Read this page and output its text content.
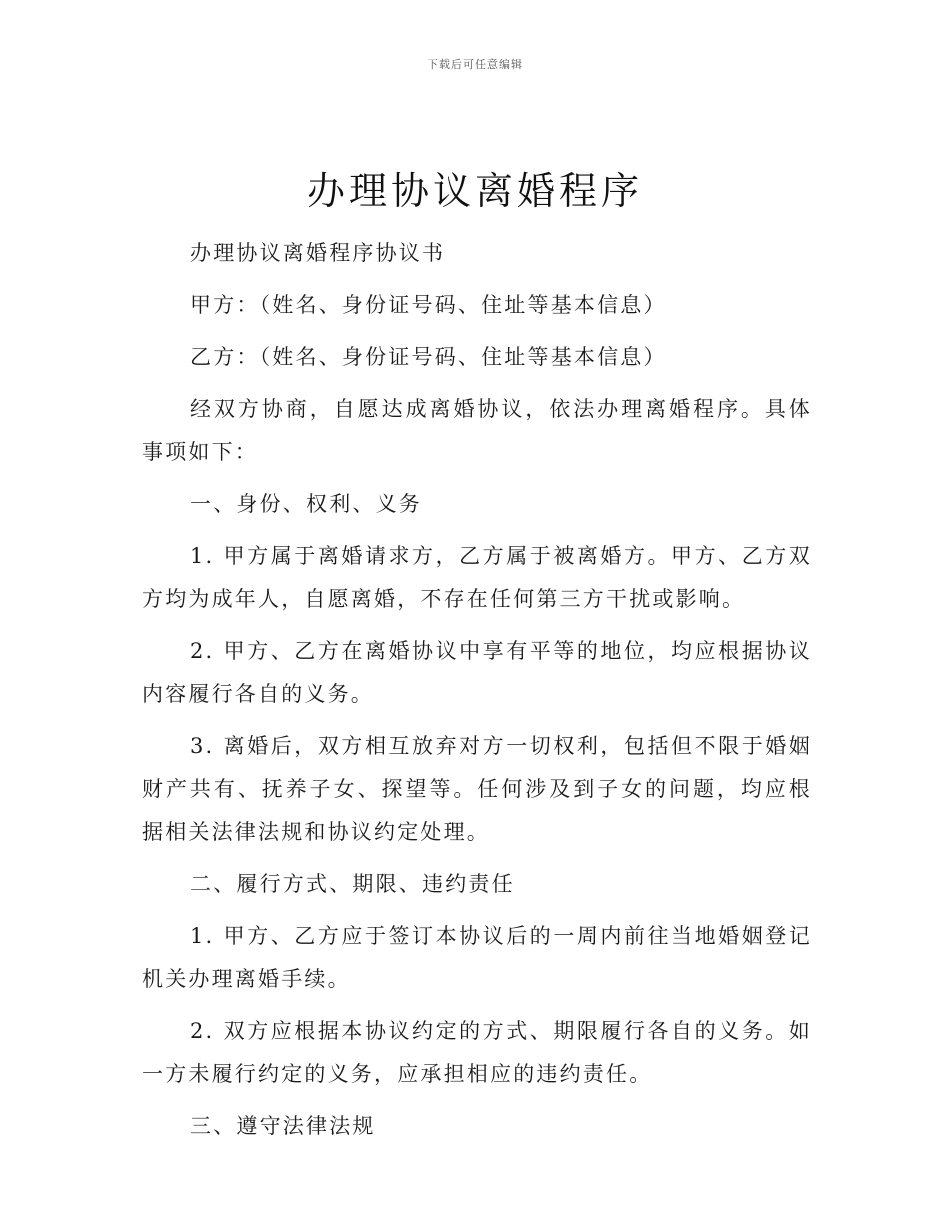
下载后可任意编辑
办理协议离婚程序

办理协议离婚程序协议书

甲方：（姓名、身份证号码、住址等基本信息）

乙方：（姓名、身份证号码、住址等基本信息）

经双方协商，自愿达成离婚协议，依法办理离婚程序。具体事项如下：

一、身份、权利、义务

1. 甲方属于离婚请求方，乙方属于被离婚方。甲方、乙方双方均为成年人，自愿离婚，不存在任何第三方干扰或影响。

2. 甲方、乙方在离婚协议中享有平等的地位，均应根据协议内容履行各自的义务。

3. 离婚后，双方相互放弃对方一切权利，包括但不限于婚姻财产共有、抚养子女、探望等。任何涉及到子女的问题，均应根据相关法律法规和协议约定处理。

二、履行方式、期限、违约责任

1. 甲方、乙方应于签订本协议后的一周内前往当地婚姻登记机关办理离婚手续。

2. 双方应根据本协议约定的方式、期限履行各自的义务。如一方未履行约定的义务，应承担相应的违约责任。

三、遵守法律法规
